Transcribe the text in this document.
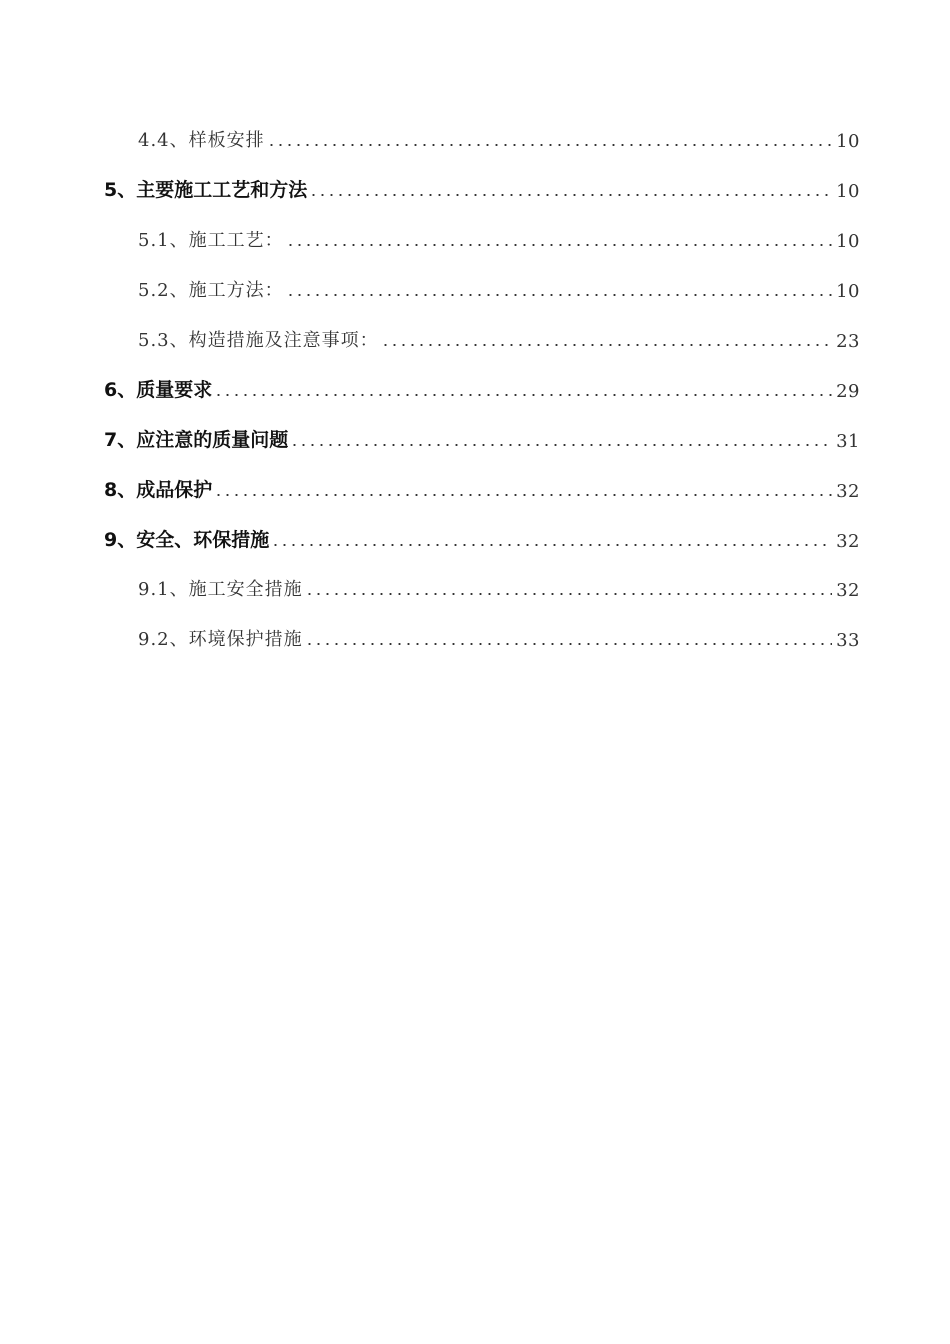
4.4、 样板安排	10
5、 主要施工工艺和方法	10
5.1、 施工工艺：	10
5.2、 施工方法：	10
5.3、 构造措施及注意事项：	23
6、 质量要求	29
7、 应注意的质量问题	31
8、 成品保护	32
9、 安全、环保措施	32
9.1、 施工安全措施	32
9.2、 环境保护措施	33
